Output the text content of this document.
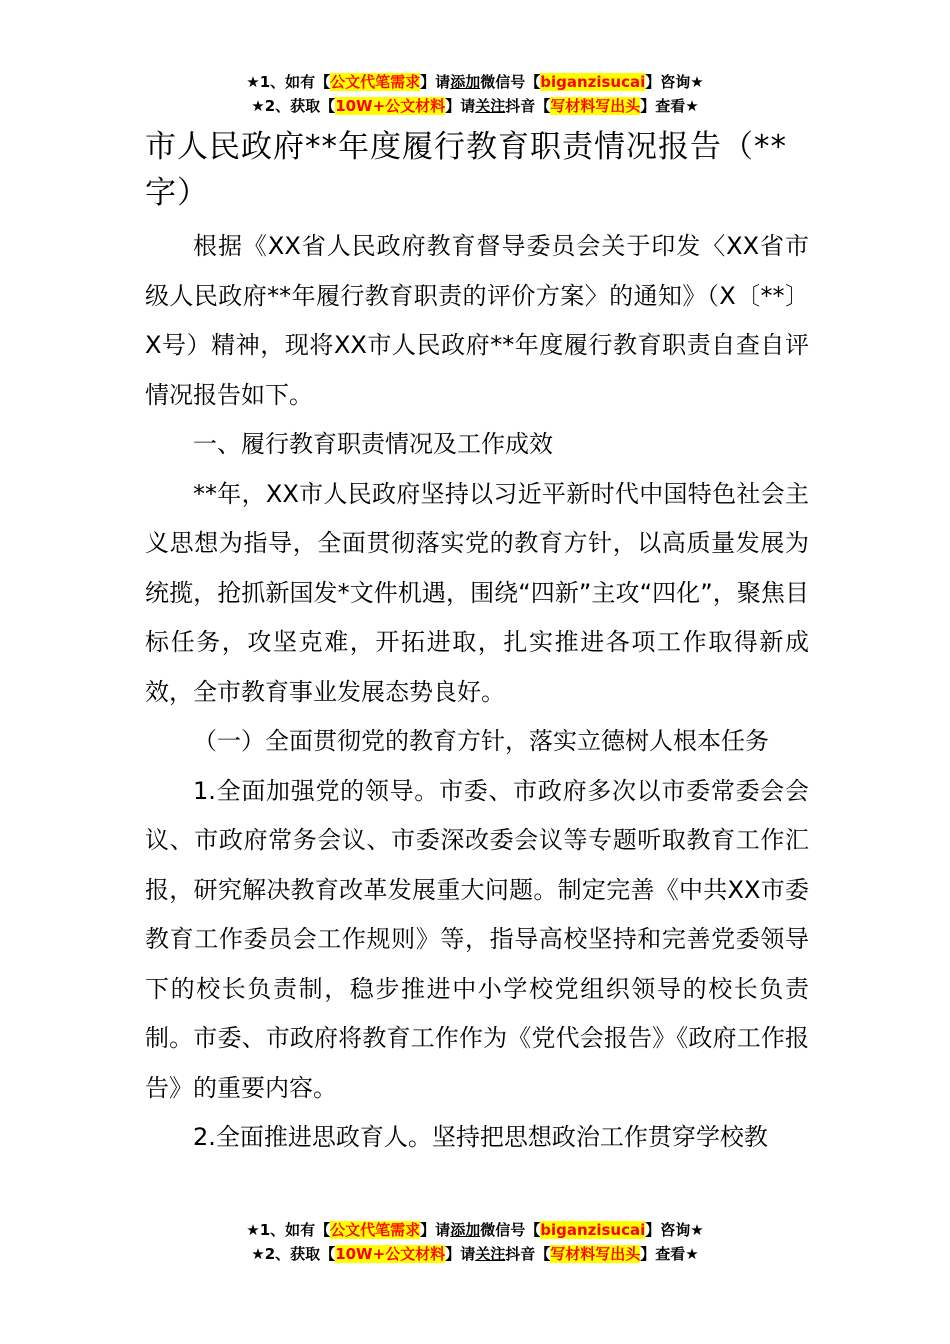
★1、如有【公文代笔需求】请添加微信号【biganzisucai】咨询★
★2、获取【10W+公文材料】请关注抖音【写材料写出头】查看★
市人民政府**年度履行教育职责情况报告（**字）

根据《XX省人民政府教育督导委员会关于印发〈XX省市级人民政府**年履行教育职责的评价方案〉的通知》（X〔**〕X号）精神，现将XX市人民政府**年度履行教育职责自查自评情况报告如下。

一、履行教育职责情况及工作成效

**年，XX市人民政府坚持以习近平新时代中国特色社会主义思想为指导，全面贯彻落实党的教育方针，以高质量发展为统揽，抢抓新国发*文件机遇，围绕“四新”主攻“四化”，聚焦目标任务，攻坚克难，开拓进取，扎实推进各项工作取得新成效，全市教育事业发展态势良好。

（一）全面贯彻党的教育方针，落实立德树人根本任务

1.全面加强党的领导。市委、市政府多次以市委常委会会议、市政府常务会议、市委深改委会议等专题听取教育工作汇报，研究解决教育改革发展重大问题。制定完善《中共XX市委教育工作委员会工作规则》等，指导高校坚持和完善党委领导下的校长负责制，稳步推进中小学校党组织领导的校长负责制。市委、市政府将教育工作作为《党代会报告》《政府工作报告》的重要内容。

2.全面推进思政育人。坚持把思想政治工作贯穿学校教

★1、如有【公文代笔需求】请添加微信号【biganzisucai】咨询★
★2、获取【10W+公文材料】请关注抖音【写材料写出头】查看★
